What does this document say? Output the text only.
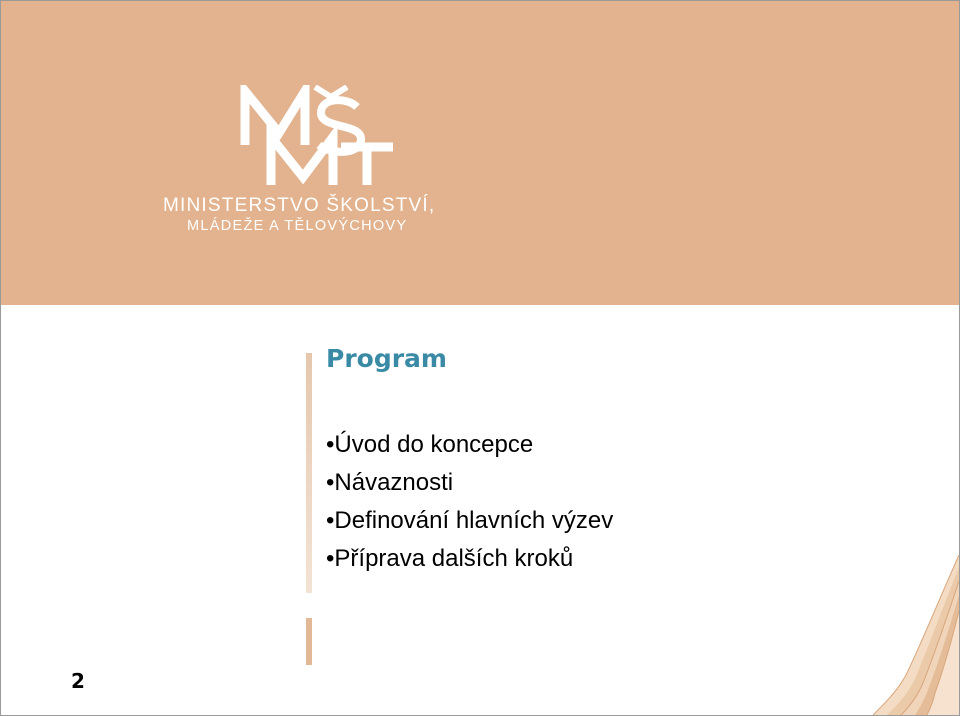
MINISTERSTVO ŠKOLSTVÍ,
MLÁDEŽE A TĚLOVÝCHOVY
Program
• Úvod do koncepce
• Návaznosti
• Definování hlavních výzev
• Příprava dalších kroků
2
